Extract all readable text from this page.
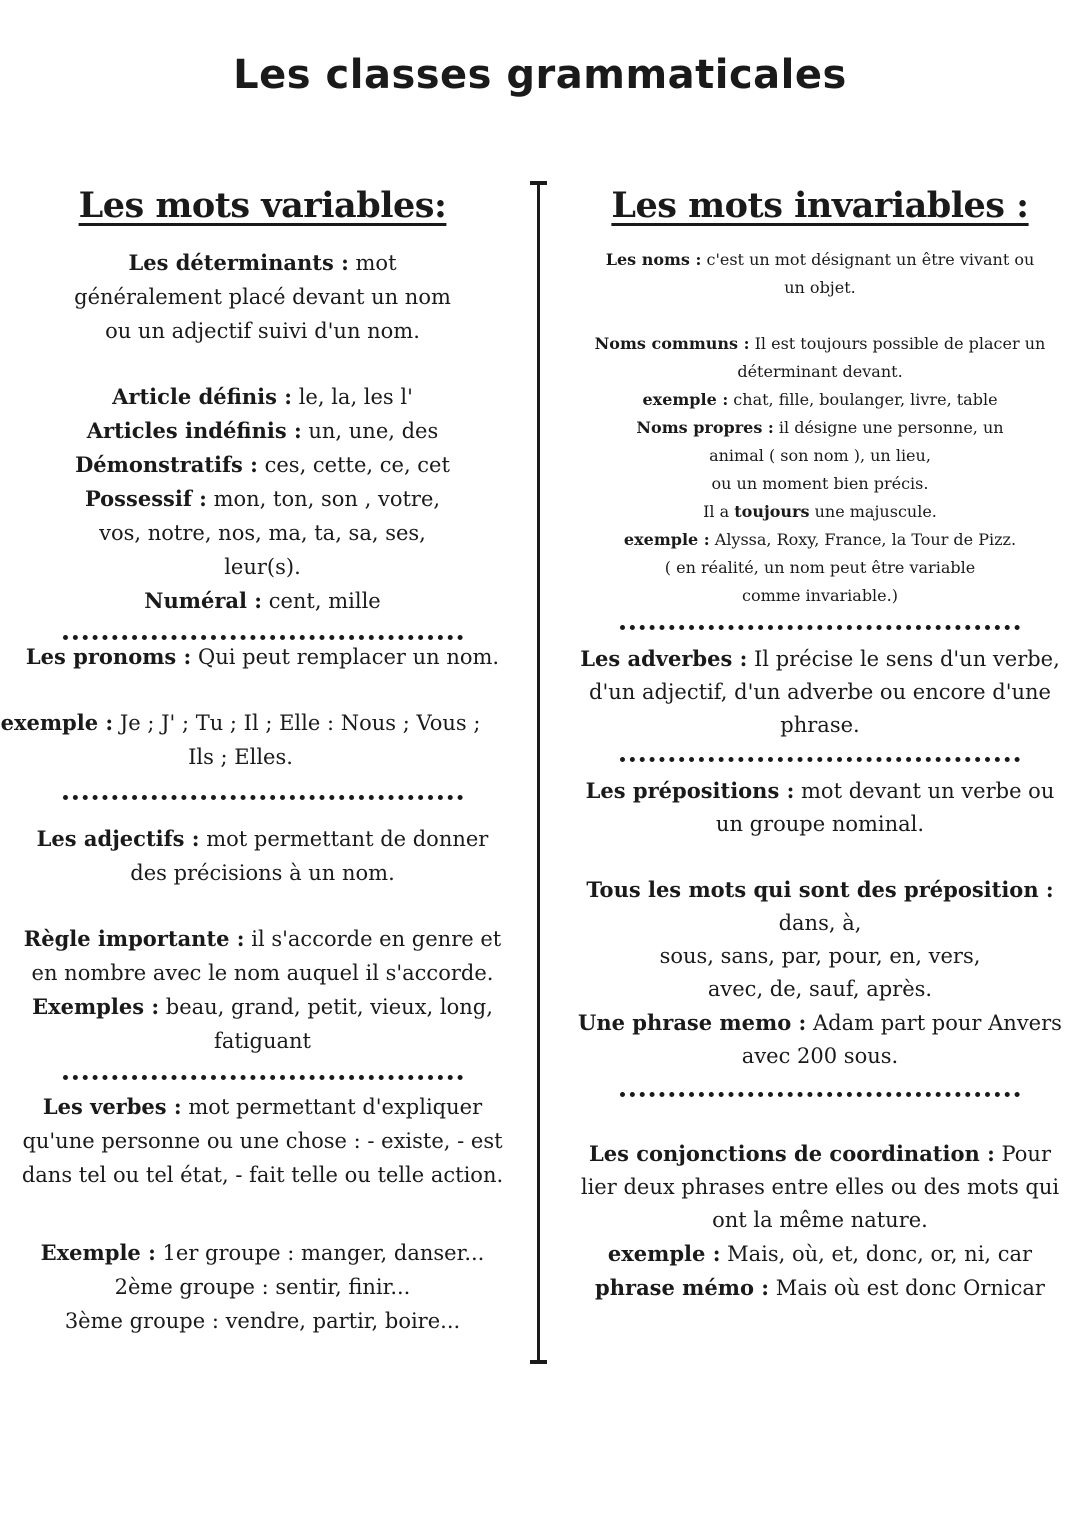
Les classes grammaticales
Les mots variables:

Les déterminants : mot généralement placé devant un nom ou un adjectif suivi d'un nom.

Article définis : le, la, les l'

Articles indéfinis : un, une, des

Démonstratifs : ces, cette, ce, cet

Possessif : mon, ton, son , votre, vos, notre, nos, ma, ta, sa, ses, leur(s).

Numéral : cent, mille

Les pronoms : Qui peut remplacer un nom.

exemple : Je ; J' ; Tu ; Il ; Elle : Nous ; Vous ; Ils ; Elles.

Les adjectifs : mot permettant de donner des précisions à un nom.

Règle importante : il s'accorde en genre et en nombre avec le nom auquel il s'accorde.

Exemples : beau, grand, petit, vieux, long, fatiguant

Les verbes : mot permettant d'expliquer qu'une personne ou une chose : - existe, - est dans tel ou tel état, - fait telle ou telle action.

Exemple : 1er groupe : manger, danser...

2ème groupe : sentir, finir...

3ème groupe : vendre, partir, boire...

Les mots invariables :

Les noms : c'est un mot désignant un être vivant ou un objet.

Noms communs : Il est toujours possible de placer un déterminant devant.

exemple : chat, fille, boulanger, livre, table

Noms propres : il désigne une personne, un animal ( son nom ), un lieu,

ou un moment bien précis.

Il a toujours une majuscule.

exemple : Alyssa, Roxy, France, la Tour de Pizz.

( en réalité, un nom peut être variable comme invariable.)

Les adverbes : Il précise le sens d'un verbe, d'un adjectif, d'un adverbe ou encore d'une phrase.

Les prépositions : mot devant un verbe ou un groupe nominal.

Tous les mots qui sont des préposition : dans, à,

sous, sans, par, pour, en, vers,

avec, de, sauf, après.

Une phrase memo : Adam part pour Anvers avec 200 sous.

Les conjonctions de coordination : Pour lier deux phrases entre elles ou des mots qui ont la même nature.

exemple : Mais, où, et, donc, or, ni, car

phrase mémo : Mais où est donc Ornicar
